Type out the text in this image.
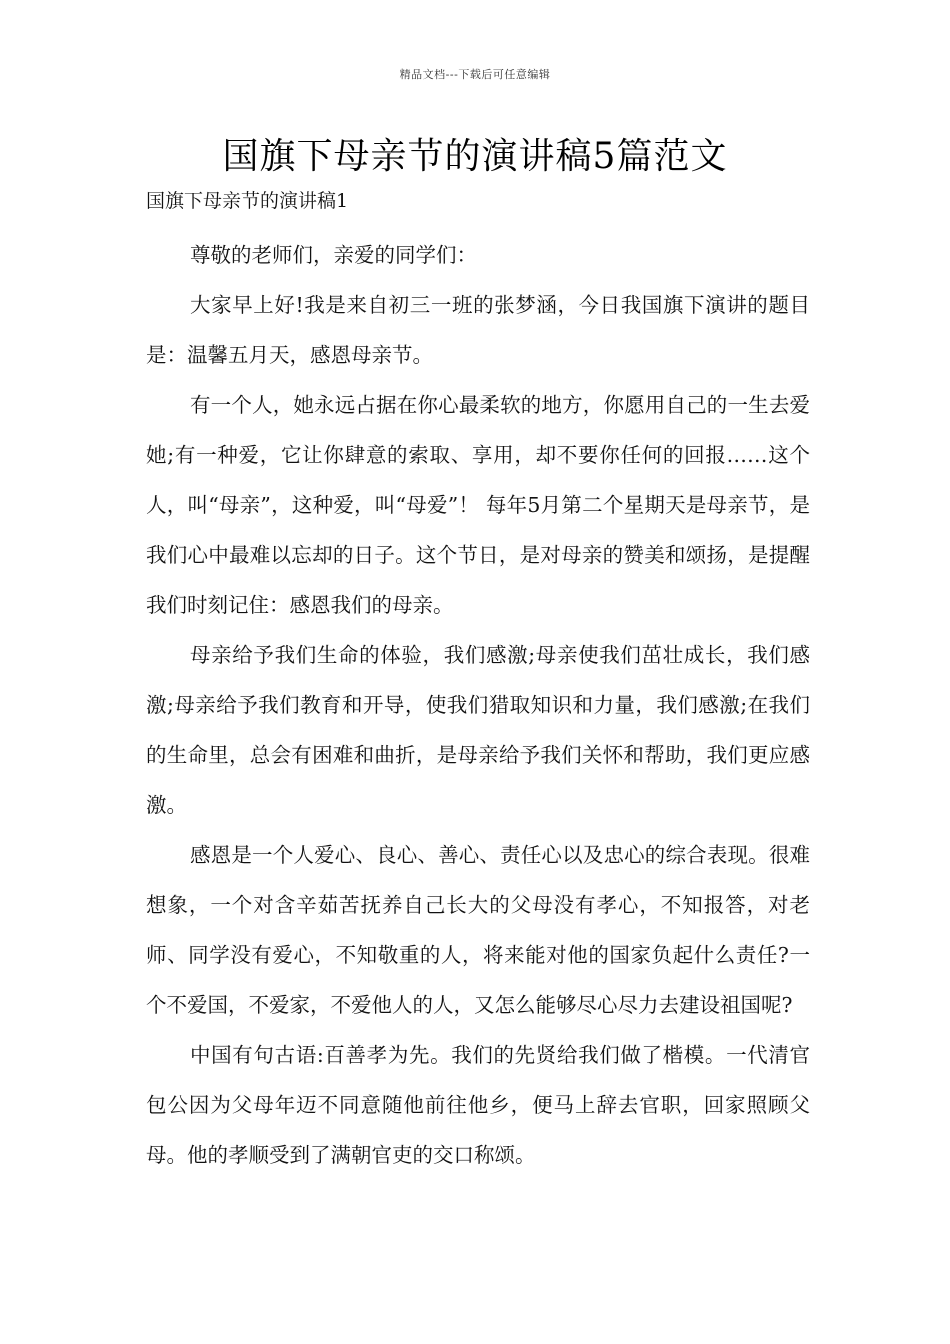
精品文档---下载后可任意编辑
国旗下母亲节的演讲稿5篇范文
国旗下母亲节的演讲稿1

尊敬的老师们，亲爱的同学们：

大家早上好!我是来自初三一班的张梦涵，今日我国旗下演讲的题目是：温馨五月天，感恩母亲节。

有一个人，她永远占据在你心最柔软的地方，你愿用自己的一生去爱她;有一种爱，它让你肆意的索取、享用，却不要你任何的回报……这个人，叫“母亲”，这种爱，叫“母爱”！ 每年5月第二个星期天是母亲节，是我们心中最难以忘却的日子。这个节日，是对母亲的赞美和颂扬，是提醒我们时刻记住：感恩我们的母亲。

母亲给予我们生命的体验，我们感激;母亲使我们茁壮成长，我们感激;母亲给予我们教育和开导，使我们猎取知识和力量，我们感激;在我们的生命里，总会有困难和曲折，是母亲给予我们关怀和帮助，我们更应感激。

感恩是一个人爱心、良心、善心、责任心以及忠心的综合表现。很难想象，一个对含辛茹苦抚养自己长大的父母没有孝心，不知报答，对老师、同学没有爱心，不知敬重的人，将来能对他的国家负起什么责任?一个不爱国，不爱家，不爱他人的人，又怎么能够尽心尽力去建设祖国呢?

中国有句古语:百善孝为先。我们的先贤给我们做了楷模。一代清官包公因为父母年迈不同意随他前往他乡，便马上辞去官职，回家照顾父母。他的孝顺受到了满朝官吏的交口称颂。
